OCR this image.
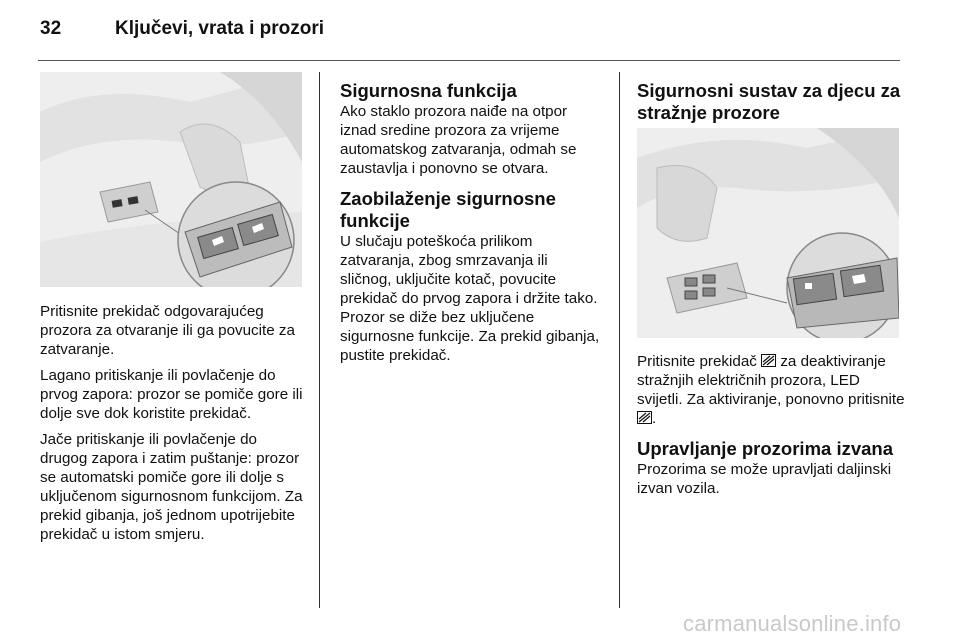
32	Ključevi, vrata i prozori

Pritisnite prekidač odgovarajućeg prozora za otvaranje ili ga povucite za zatvaranje.

Lagano pritiskanje ili povlačenje do prvog zapora: prozor se pomiče gore ili dolje sve dok koristite prekidač.

Jače pritiskanje ili povlačenje do drugog zapora i zatim puštanje: prozor se automatski pomiče gore ili dolje s uključenom sigurnosnom funkcijom. Za prekid gibanja, još jednom upotrijebite prekidač u istom smjeru.

Sigurnosna funkcija

Ako staklo prozora naiđe na otpor iznad sredine prozora za vrijeme automatskog zatvaranja, odmah se zaustavlja i ponovno se otvara.

Zaobilaženje sigurnosne funkcije

U slučaju poteškoća prilikom zatvaranja, zbog smrzavanja ili sličnog, uključite kotač, povucite prekidač do prvog zapora i držite tako. Prozor se diže bez uključene sigurnosne funkcije. Za prekid gibanja, pustite prekidač.

Sigurnosni sustav za djecu za stražnje prozore

Pritisnite prekidač  za deaktiviranje stražnjih električnih prozora, LED svijetli. Za aktiviranje, ponovno pritisnite .

Upravljanje prozorima izvana

Prozorima se može upravljati daljinski izvan vozila.

carmanualsonline.info
